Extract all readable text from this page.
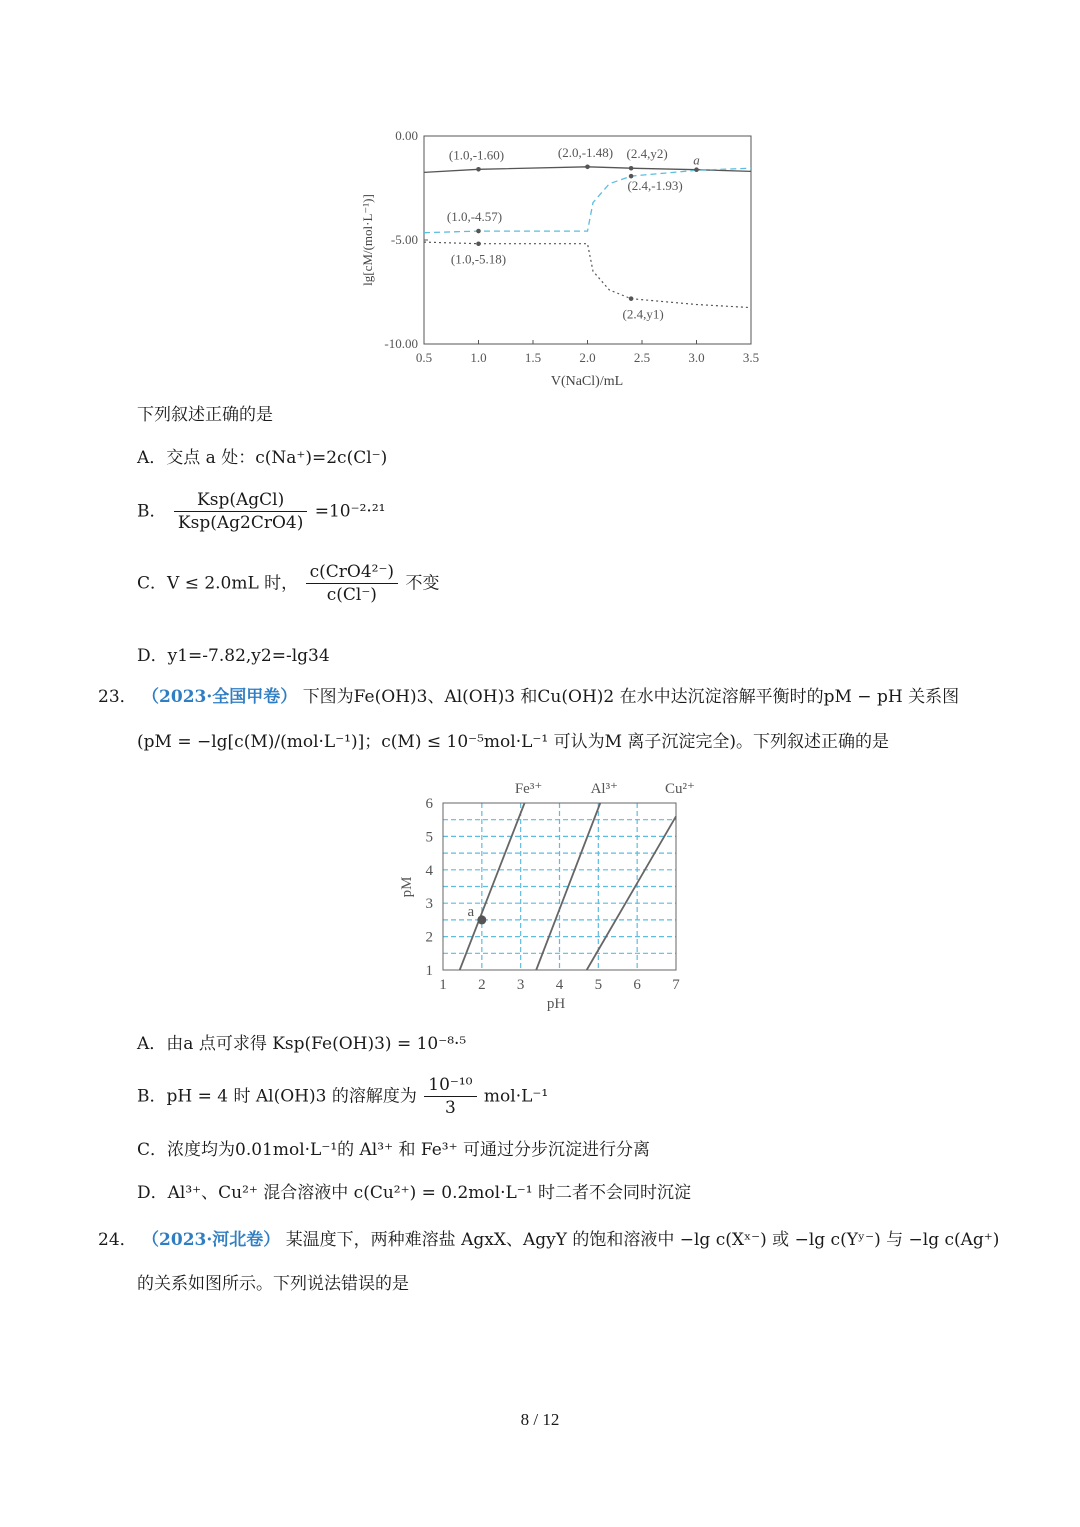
0.5	1.0	1.5	2.0	2.5	3.0	3.5
0.00
-5.00
-10.00
(1.0,-1.60)	(2.0,-1.48) (2.4,y2) a
(2.4,-1.93)
(1.0,-4.57)
(1.0,-5.18)
(2.4,y1)
V(NaCl)/mL
lg[cM/(mol·L⁻¹)]
下列叙述正确的是
A．交点 a 处：c(Na⁺)=2c(Cl⁻)
B． $\frac{\text{Ksp(AgCl)}}{\text{Ksp(Ag2CrO4)}} =10^{-2}\cdot^{21}$
C．V ≤ 2.0mL 时， $\frac{\text{c(CrO4²⁻)}}{c(Cl^-)}$ 不变
D．y1=-7.82,y2=-lg34
23． （2023·全国甲卷） 下图为Fe(OH)3、Al(OH)3 和Cu(OH)2 在水中达沉淀溶解平衡时的pM − pH 关系图
(pM = −lg[c(M)/(mol·L⁻¹)]；c(M) ≤ 10⁻⁵mol·L⁻¹ 可认为M 离子沉淀完全)。下列叙述正确的是
1 2 3 4 5 6 7
1
2
3
4
5
6
Fe³⁺	Al³⁺	Cu²⁺
a
pH
pM
A．由a 点可求得 Ksp(Fe(OH)3) = 10⁻⁸·⁵
B．pH = 4 时 Al(OH)3 的溶解度为 $\frac{\text{10⁻¹⁰}}{3} mol\cdot L^{-1}$
C．浓度均为0.01mol·L⁻¹的 Al³⁺ 和 Fe³⁺ 可通过分步沉淀进行分离
D．Al³⁺、Cu²⁺ 混合溶液中 c(Cu²⁺) = 0.2mol·L⁻¹ 时二者不会同时沉淀
24． （2023·河北卷） 某温度下，两种难溶盐 AgxX、AgyY 的饱和溶液中 −lg c(Xˣ⁻) 或 −lg c(Yʸ⁻) 与 −lg c(Ag⁺)
的关系如图所示。下列说法错误的是
8 / 12
